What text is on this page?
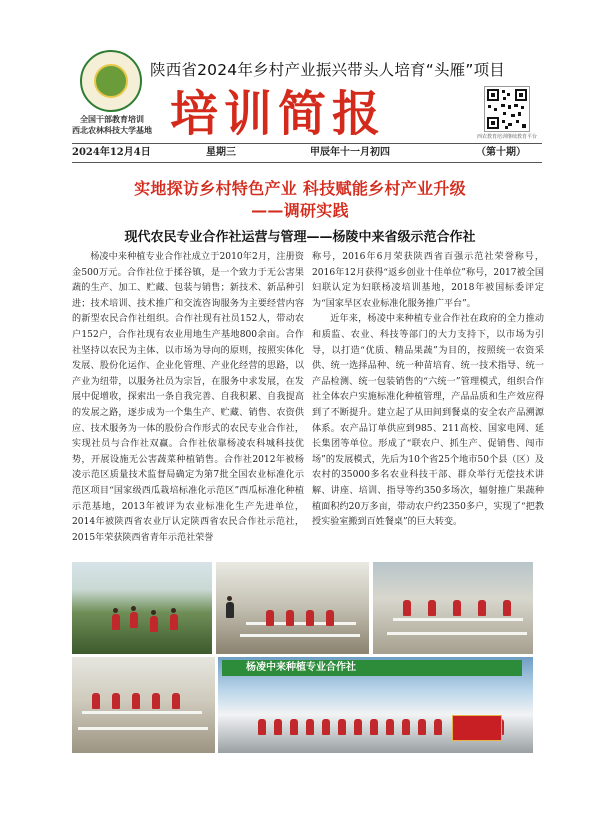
全国干部教育培训
西北农林科技大学基地
陕西省2024年乡村产业振兴带头人培育“头雁”项目
培训简报	西农教育培训继续教育平台
2024年12月4日	星期三	甲辰年十一月初四	（第十期）
实地探访乡村特色产业 科技赋能乡村产业升级
——调研实践
现代农民专业合作社运营与管理——杨陵中来省级示范合作社

杨凌中来种植专业合作社成立于2010年2月，注册资金500万元。合作社位于揉谷镇，是一个致力于无公害果蔬的生产、加工、贮藏、包装与销售；新技术、新品种引进；技术培训、技术推广和交流咨询服务为主要经营内容的新型农民合作社组织。合作社现有社员152人，带动农户152户，合作社现有农业用地生产基地800余亩。合作社坚持以农民为主体、以市场为导向的原则，按照实体化发展、股份化运作、企业化管理、产业化经营的思路，以产业为纽带，以服务社员为宗旨，在服务中求发展，在发展中促增收，探索出一条自我完善、自我积累、自我提高的发展之路，逐步成为一个集生产、贮藏、销售、农资供应、技术服务为一体的股份合作形式的农民专业合作社，实现社员与合作社双赢。合作社依靠杨凌农科城科技优势，开展设施无公害蔬菜种植销售。合作社2012年被杨凌示范区质量技术监督局确定为第7批全国农业标准化示范区项目“国家级西瓜栽培标准化示范区”西瓜标准化种植示范基地，2013年被评为农业标准化生产先进单位，2014年被陕西省农业厅认定陕西省农民合作社示范社，2015年荣获陕西省青年示范社荣誉

称号，2016年6月荣获陕西省百强示范社荣誉称号，2016年12月获得“返乡创业十佳单位”称号，2017被全国妇联认定为妇联杨凌培训基地，2018年被国标委评定为“国家旱区农业标准化服务推广平台”。

近年来，杨凌中来种植专业合作社在政府的全力推动和质监、农业、科技等部门的大力支持下，以市场为引导，以打造“优质、精品果蔬”为目的，按照统一农资采供、统一选择品种、统一种苗培育、统一技术指导、统一产品检测、统一包装销售的“六统一”管理模式，组织合作社全体农户实施标准化种植管理，产品品质和生产效应得到了不断提升。建立起了从田间到餐桌的安全农产品溯源体系。农产品订单供应到985、211高校、国家电网、延长集团等单位。形成了“联农户、抓生产、促销售、闯市场”的发展模式，先后为10个省25个地市50个县（区）及农村的35000多名农业科技干部、群众举行无偿技术讲解、讲座、培训、指导等约350多场次，辐射推广果蔬种植面积约20万多亩，带动农户约2350多户，实现了“把教授实验室搬到百姓餐桌”的巨大转变。

杨凌中来种植专业合作社
